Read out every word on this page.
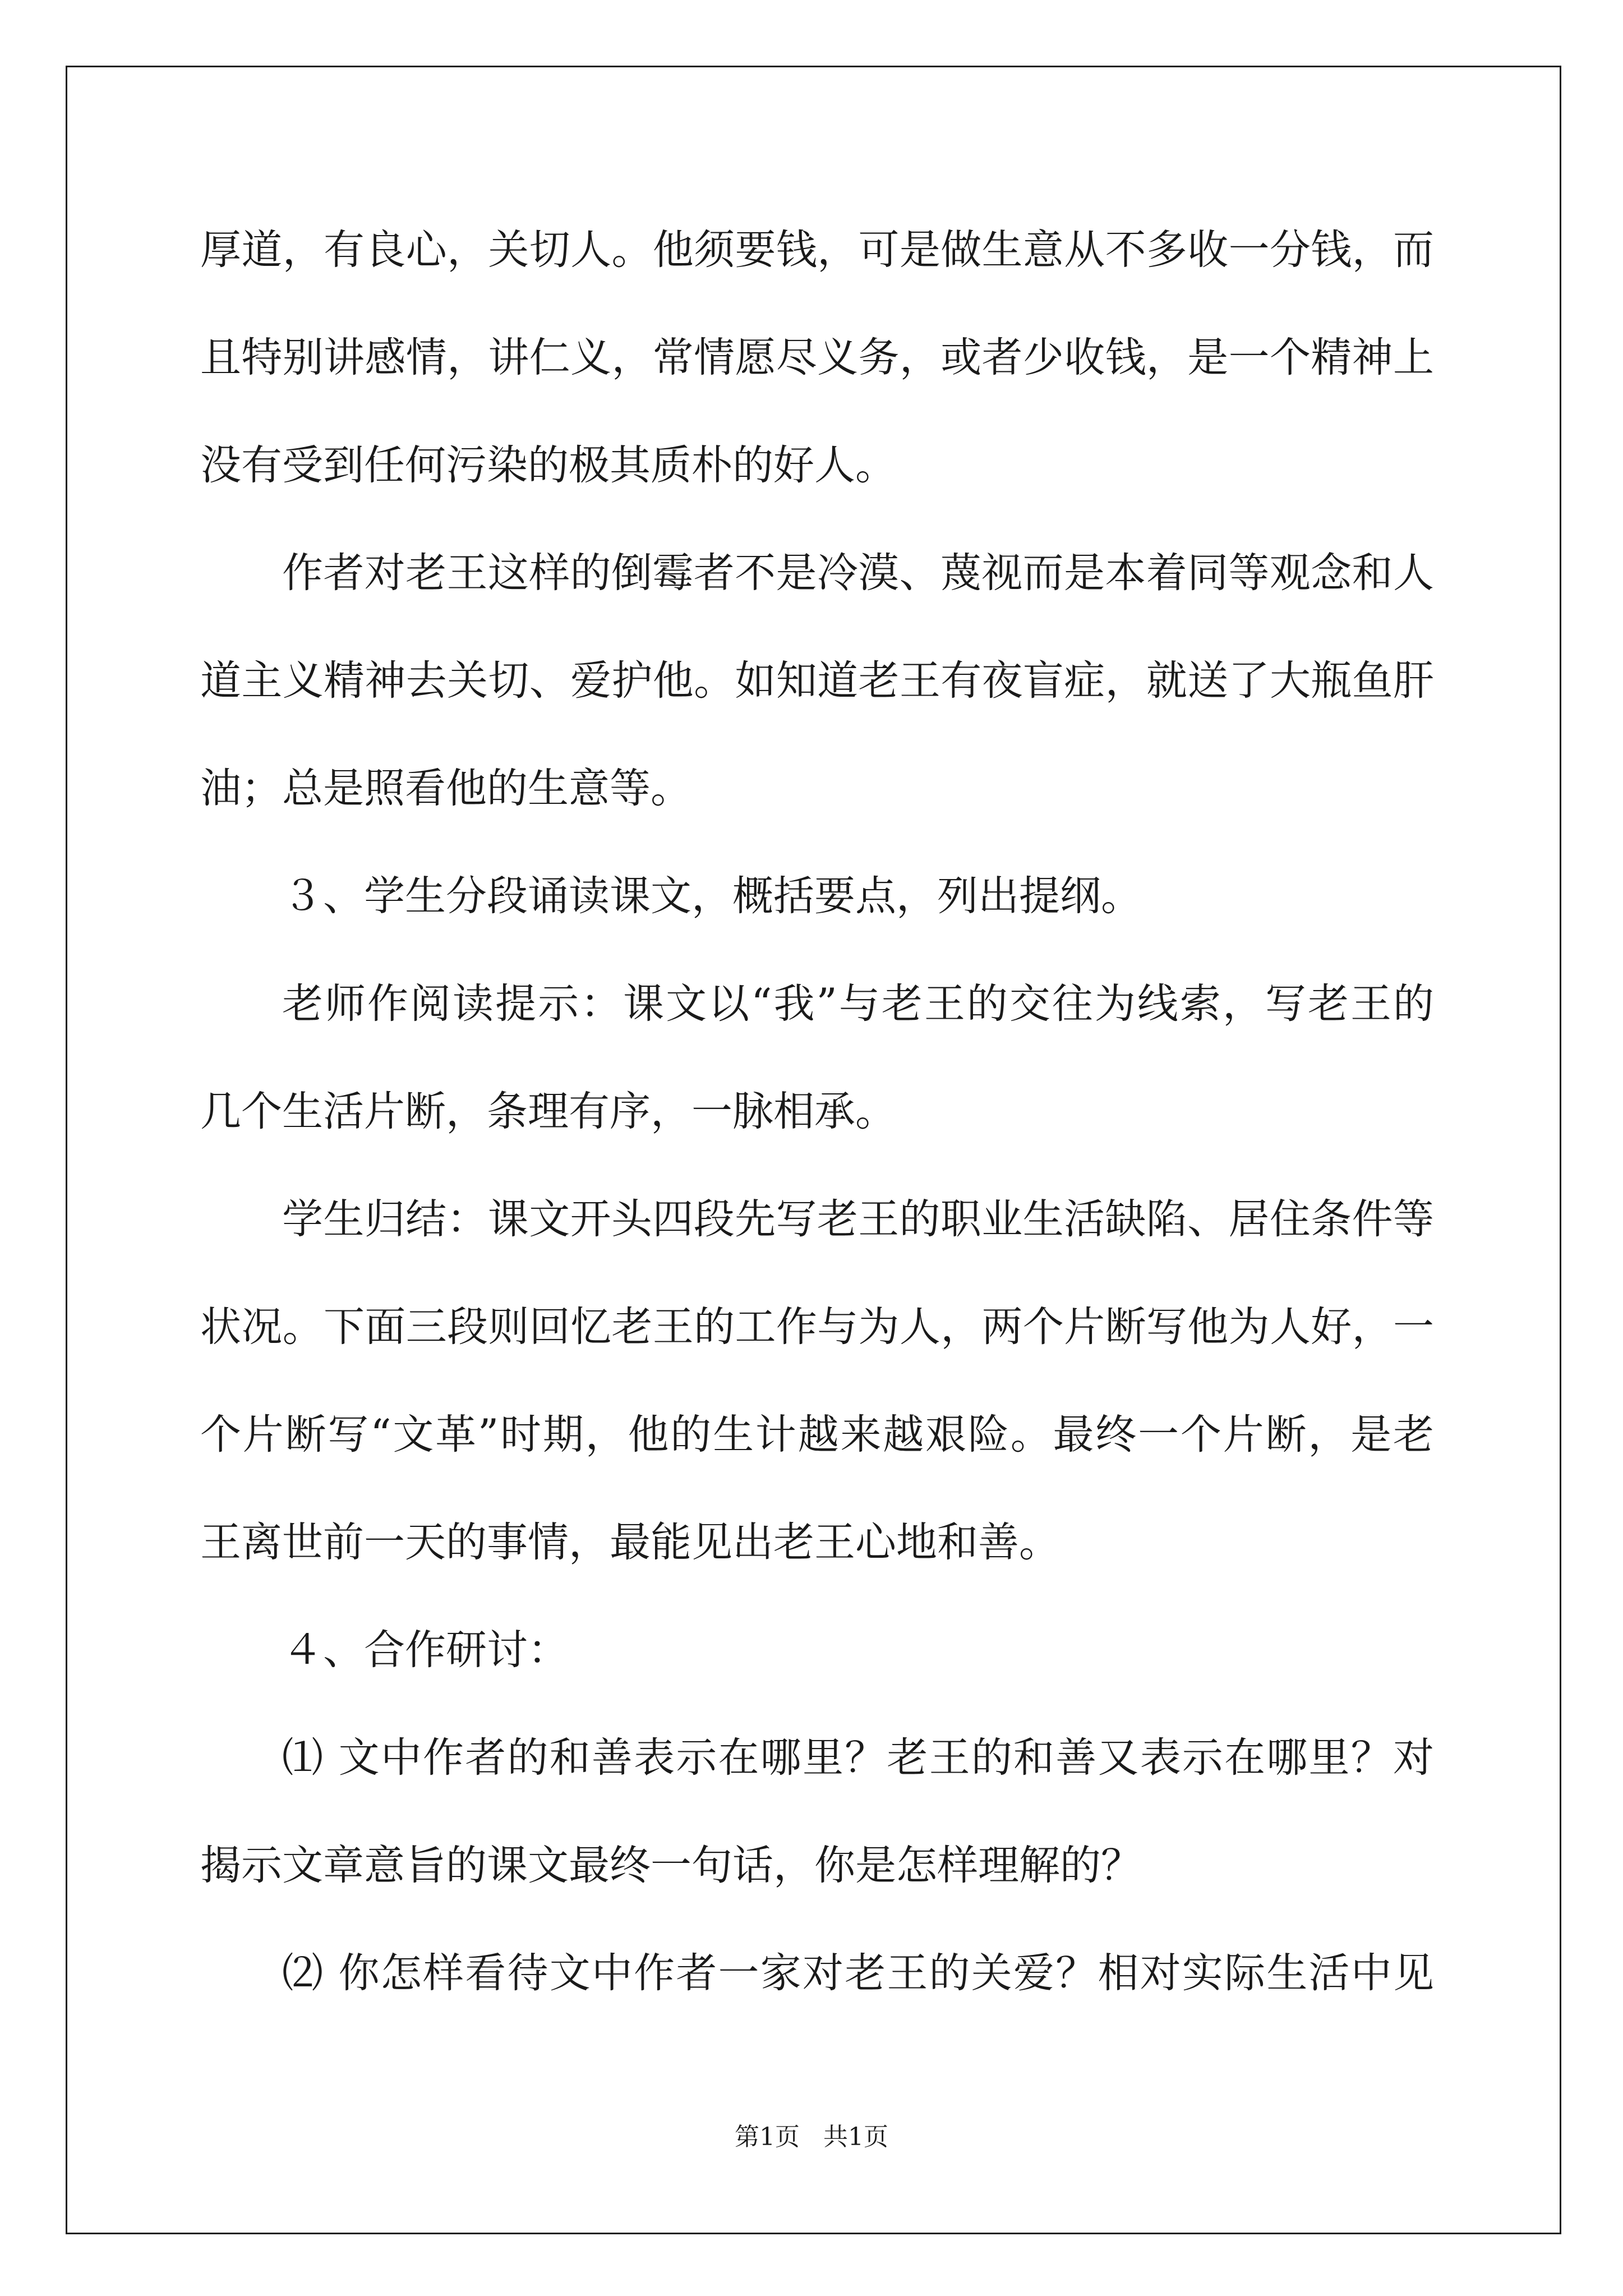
厚道，有良心，关切人。他须要钱，可是做生意从不多收一分钱，而
且特别讲感情，讲仁义，常情愿尽义务，或者少收钱，是一个精神上
没有受到任何污染的极其质朴的好人。
作者对老王这样的倒霉者不是冷漠、蔑视而是本着同等观念和人
道主义精神去关切、爱护他。如知道老王有夜盲症，就送了大瓶鱼肝
油；总是照看他的生意等。
３、学生分段诵读课文，概括要点，列出提纲。
老师作阅读提示：课文以“我”与老王的交往为线索，写老王的
几个生活片断，条理有序，一脉相承。
学生归结：课文开头四段先写老王的职业生活缺陷、居住条件等
状况。下面三段则回忆老王的工作与为人，两个片断写他为人好，一
个片断写“文革”时期，他的生计越来越艰险。最终一个片断，是老
王离世前一天的事情，最能见出老王心地和善。
４、合作研讨：
⑴ 文中作者的和善表示在哪里？老王的和善又表示在哪里？对
揭示文章意旨的课文最终一句话，你是怎样理解的？
⑵ 你怎样看待文中作者一家对老王的关爱？相对实际生活中见
第1页   共1页
